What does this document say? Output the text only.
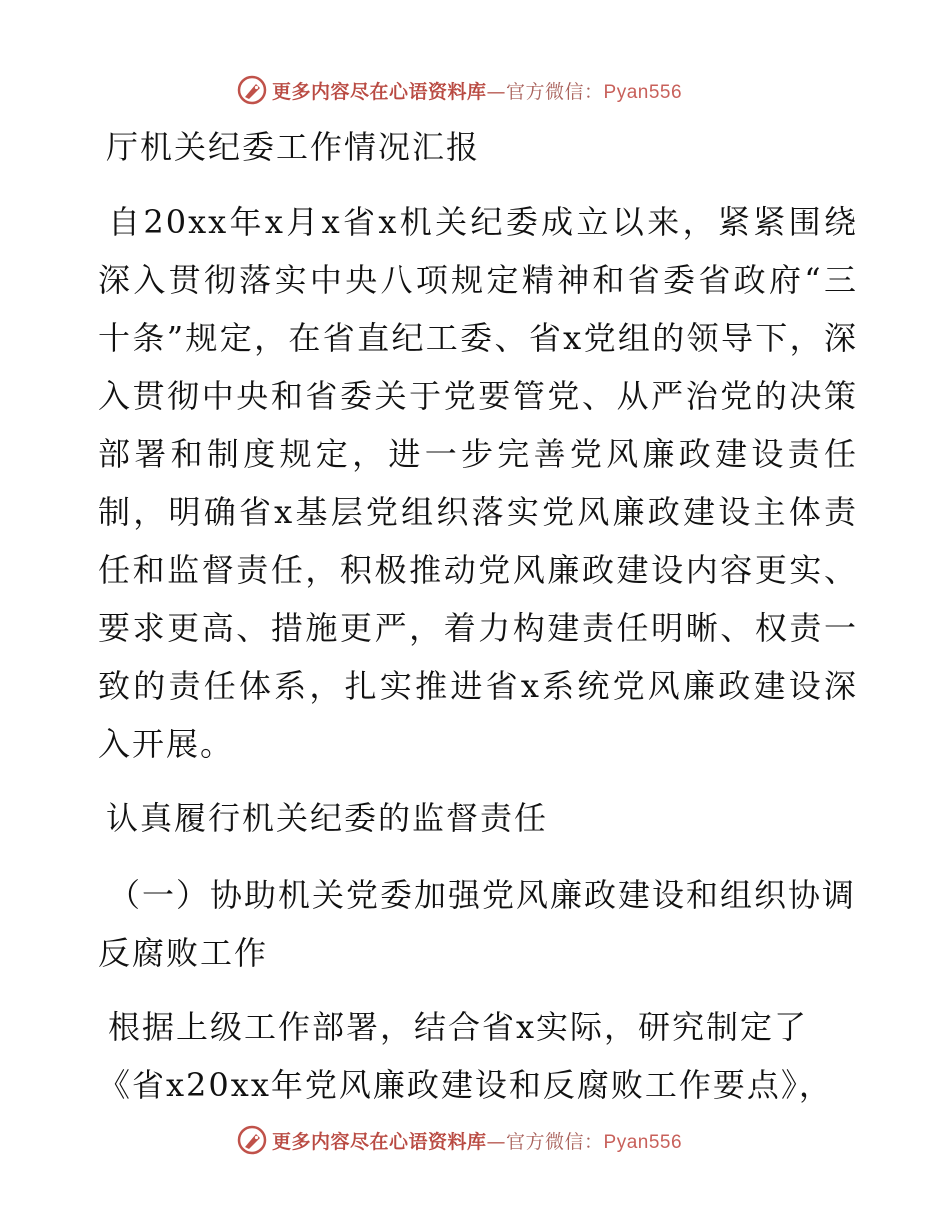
更多内容尽在心语资料库—官方微信：Pyan556
厅机关纪委工作情况汇报

自20xx年x月x省x机关纪委成立以来，紧紧围绕深入贯彻落实中央八项规定精神和省委省政府“三十条”规定，在省直纪工委、省x党组的领导下，深入贯彻中央和省委关于党要管党、从严治党的决策部署和制度规定，进一步完善党风廉政建设责任制，明确省x基层党组织落实党风廉政建设主体责任和监督责任，积极推动党风廉政建设内容更实、要求更高、措施更严，着力构建责任明晰、权责一致的责任体系，扎实推进省x系统党风廉政建设深入开展。

认真履行机关纪委的监督责任
（一）协助机关党委加强党风廉政建设和组织协调反腐败工作

根据上级工作部署，结合省x实际，研究制定了《省x20xx年党风廉政建设和反腐败工作要点》，

更多内容尽在心语资料库—官方微信：Pyan556
